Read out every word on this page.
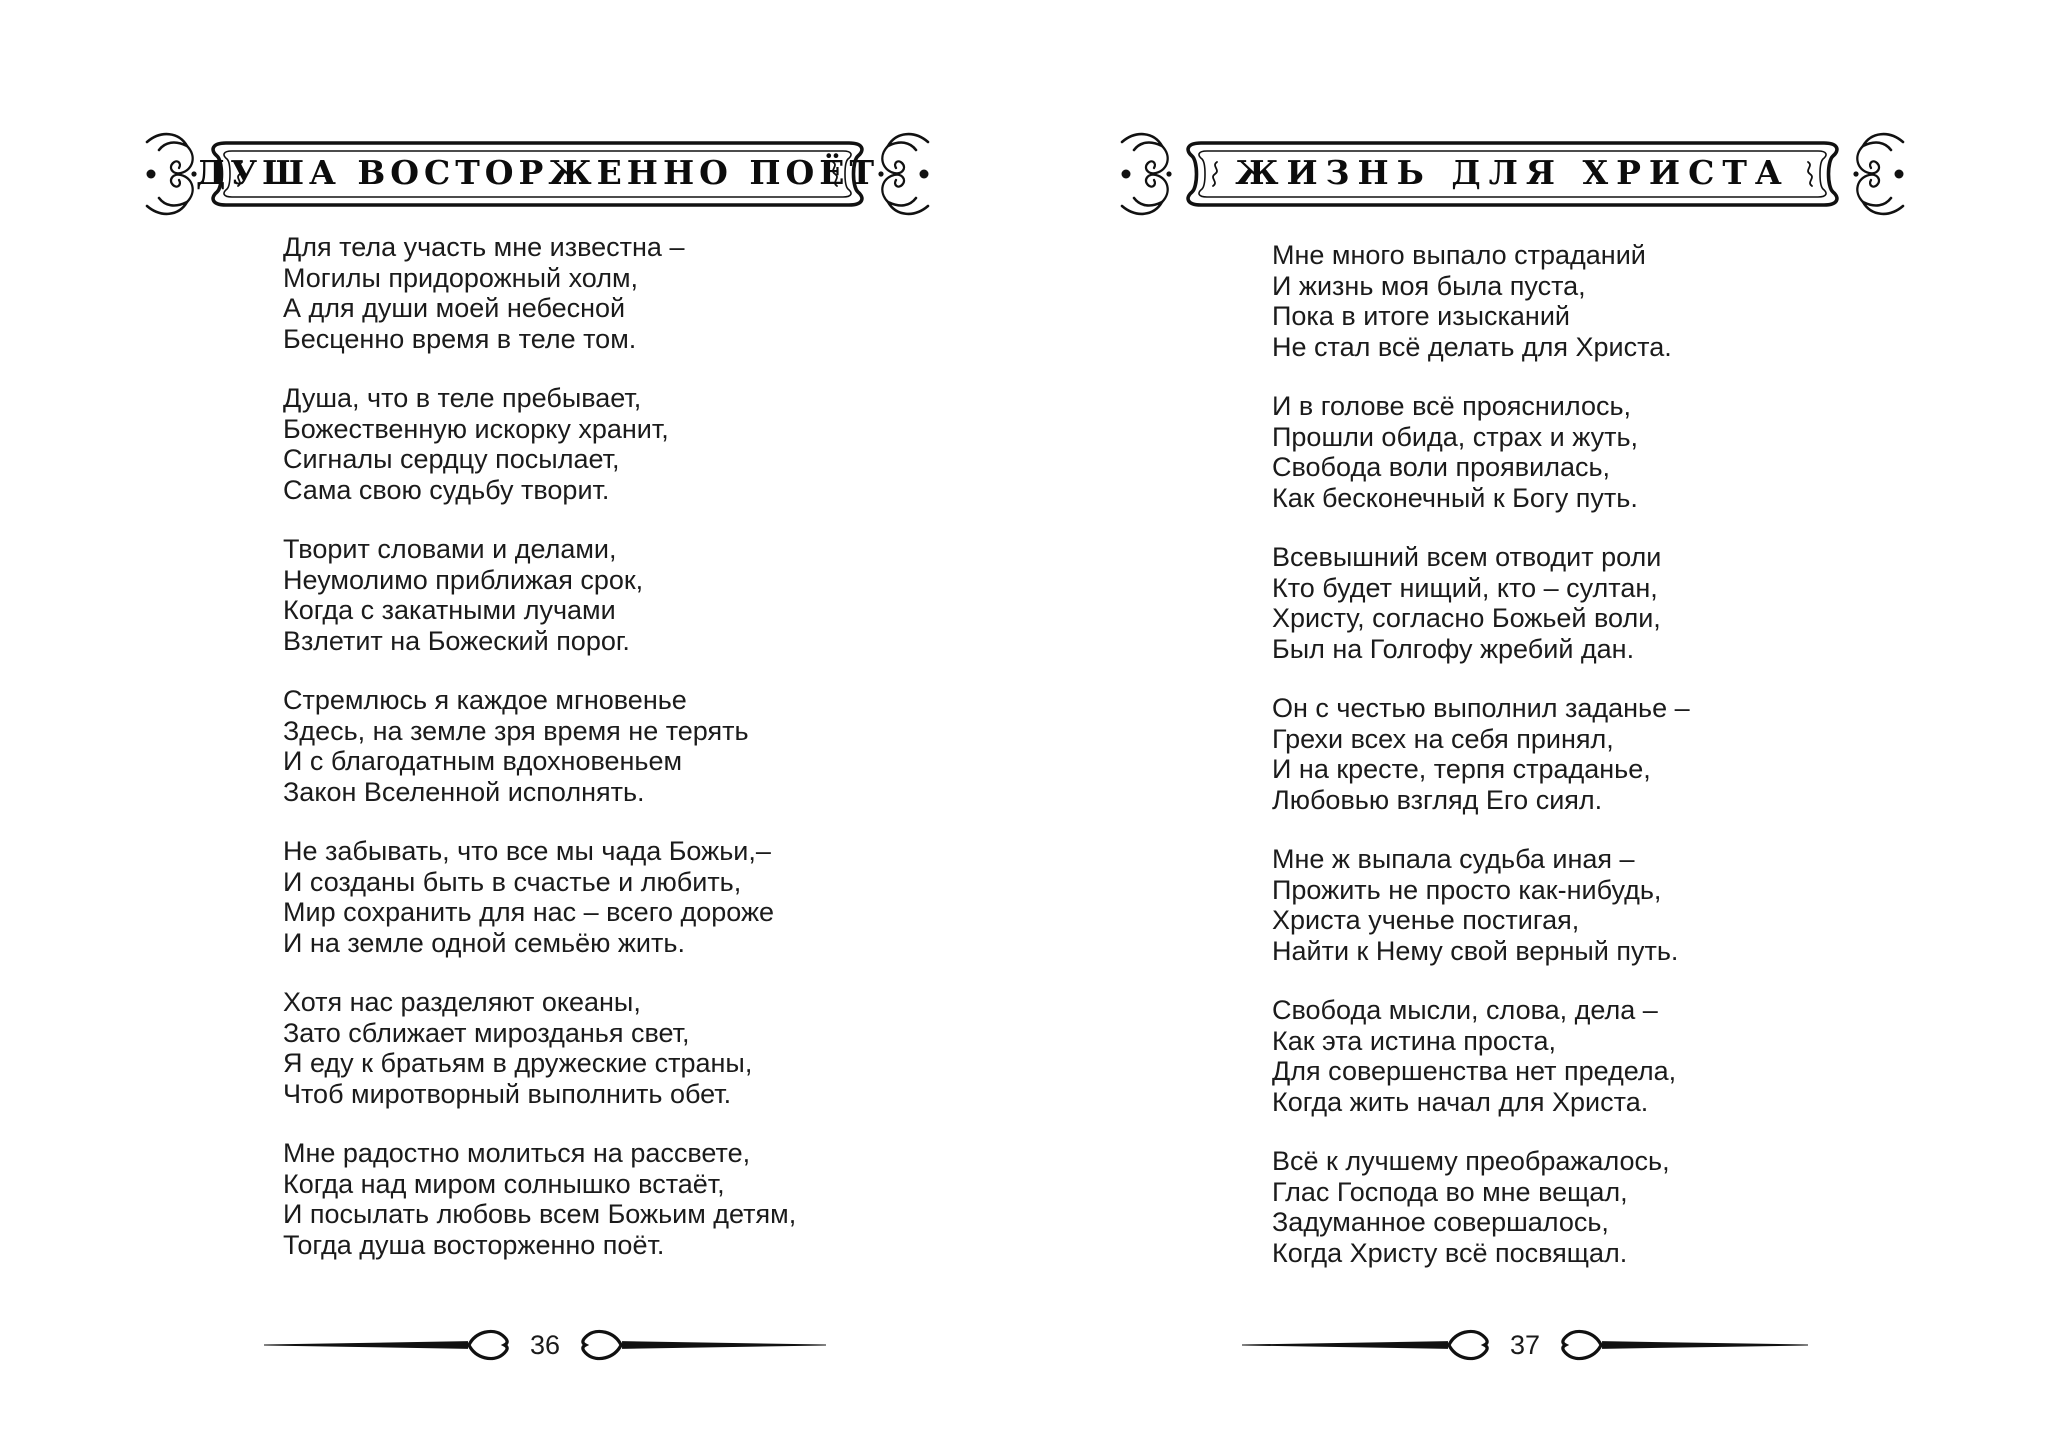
ДУША ВОСТОРЖЕННО ПОЁТ
Для тела участь мне известна –
Могилы придорожный холм,
А для души моей небесной
Бесценно время в теле том.
Душа, что в теле пребывает,
Божественную искорку хранит,
Сигналы сердцу посылает,
Сама свою судьбу творит.
Творит словами и делами,
Неумолимо приближая срок,
Когда с закатными лучами
Взлетит на Божеский порог.
Стремлюсь я каждое мгновенье
Здесь, на земле зря время не терять
И с благодатным вдохновеньем
Закон Вселенной исполнять.
Не забывать, что все мы чада Божьи,–
И созданы быть в счастье и любить,
Мир сохранить для нас – всего дороже
И на земле одной семьёю жить.
Хотя нас разделяют океаны,
Зато сближает мирозданья свет,
Я еду к братьям в дружеские страны,
Чтоб миротворный выполнить обет.
Мне радостно молиться на рассвете,
Когда над миром солнышко встаёт,
И посылать любовь всем Божьим детям,
Тогда душа восторженно поёт.
36
ЖИЗНЬ ДЛЯ ХРИСТА
Мне много выпало страданий
И жизнь моя была пуста,
Пока в итоге изысканий
Не стал всё делать для Христа.
И в голове всё прояснилось,
Прошли обида, страх и жуть,
Свобода воли проявилась,
Как бесконечный к Богу путь.
Всевышний всем отводит роли
Кто будет нищий, кто – султан,
Христу, согласно Божьей воли,
Был на Голгофу жребий дан.
Он с честью выполнил заданье –
Грехи всех на себя принял,
И на кресте, терпя страданье,
Любовью взгляд Его сиял.
Мне ж выпала судьба иная –
Прожить не просто как-нибудь,
Христа ученье постигая,
Найти к Нему свой верный путь.
Свобода мысли, слова, дела –
Как эта истина проста,
Для совершенства нет предела,
Когда жить начал для Христа.
Всё к лучшему преображалось,
Глас Господа во мне вещал,
Задуманное совершалось,
Когда Христу всё посвящал.
37
